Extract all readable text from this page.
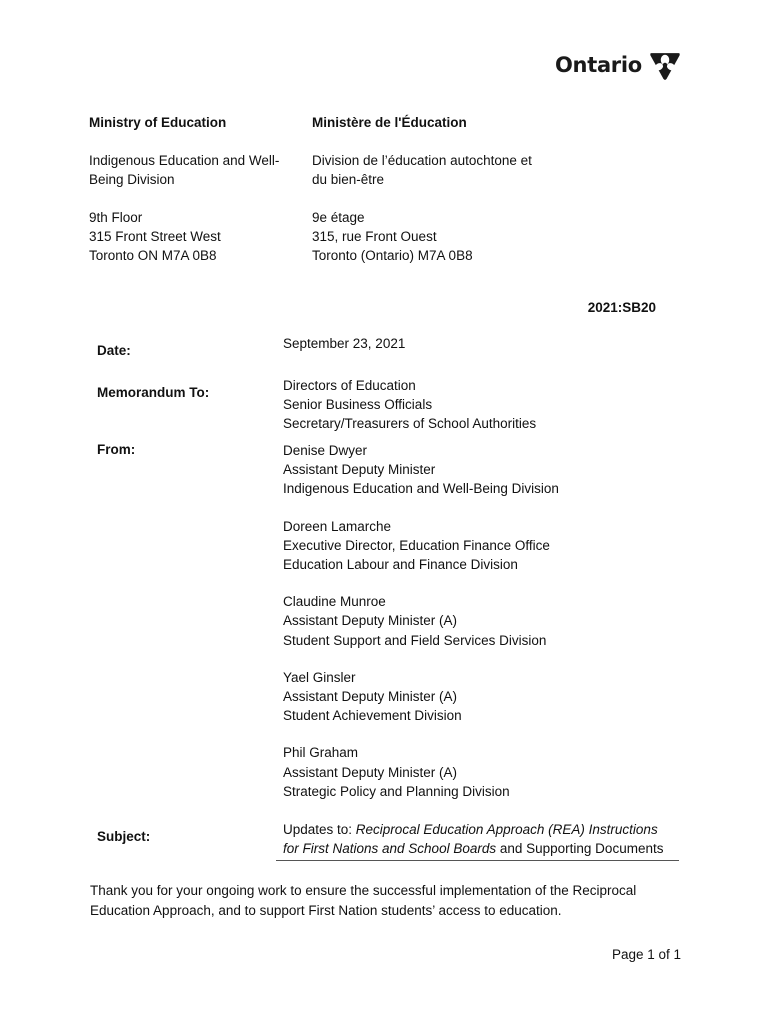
Ontario
Ministry of Education
Indigenous Education and Well-
Being Division
9th Floor
315 Front Street West
Toronto ON M7A 0B8
Ministère de l'Éducation
Division de l’éducation autochtone et
du bien-être
9e étage
315, rue Front Ouest
Toronto (Ontario) M7A 0B8
2021:SB20
Date:
Memorandum To:
From:
Subject:
September 23, 2021
Directors of Education
Senior Business Officials
Secretary/Treasurers of School Authorities
Denise Dwyer
Assistant Deputy Minister
Indigenous Education and Well-Being Division
Doreen Lamarche
Executive Director, Education Finance Office
Education Labour and Finance Division
Claudine Munroe
Assistant Deputy Minister (A)
Student Support and Field Services Division
Yael Ginsler
Assistant Deputy Minister (A)
Student Achievement Division
Phil Graham
Assistant Deputy Minister (A)
Strategic Policy and Planning Division
Updates to: Reciprocal Education Approach (REA) Instructions
for First Nations and School Boards and Supporting Documents
Thank you for your ongoing work to ensure the successful implementation of the Reciprocal
Education Approach, and to support First Nation students’ access to education.
Page 1 of 1
